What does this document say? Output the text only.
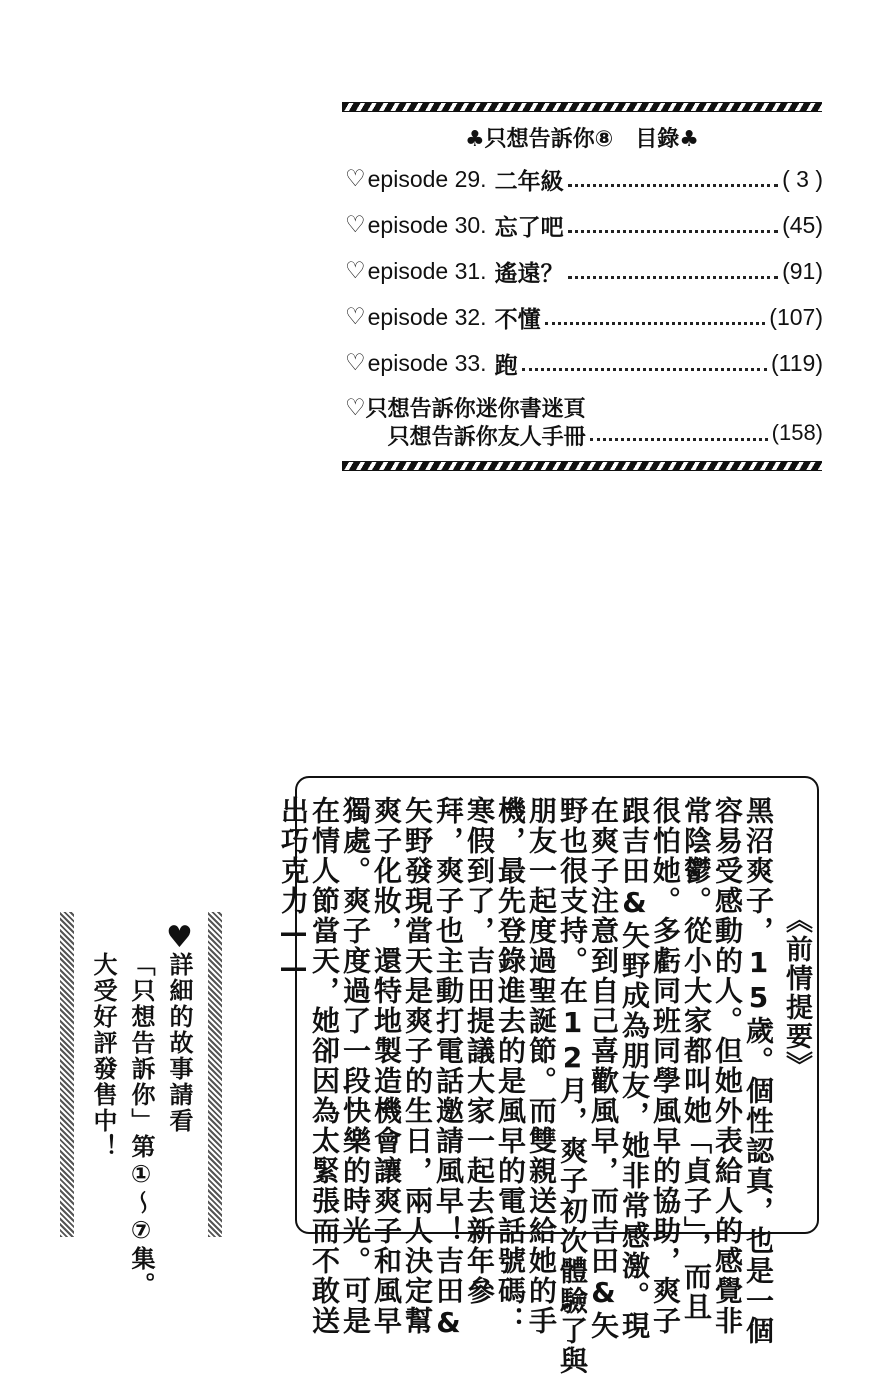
♣只想告訴你⑧　目錄♣
♡ episode 29. 二年級	( 3 )
♡ episode 30. 忘了吧	(45)
♡ episode 31. 遙遠？	(91)
♡ episode 32. 不懂	(107)
♡ episode 33. 跑	(119)
♡ 只想告訴你迷你書迷頁
只想告訴你友人手冊	(158)
《前情提要》
黑沼爽子，15歲。個性認真，也是一個
容易受感動的人。但她外表給人的感覺非
常陰鬱。從小大家都叫她「貞子」，而且
很怕她。多虧同班同學風早的協助，爽子
跟吉田&矢野成為朋友，她非常感激。現
在爽子注意到自己喜歡風早，而吉田&矢
野也很支持。在12月，爽子初次體驗了與
朋友一起度過聖誕節。而雙親送給她的手
機，最先登錄進去的是風早的電話號碼：
寒假到了，吉田提議大家一起去新年參
拜，爽子也主動打電話邀請風早！吉田&
矢野發現當天是爽子的生日，兩人決定幫
爽子化妝，還特地製造機會讓爽子和風早
獨處。爽子度過了一段快樂的時光。可是
在情人節當天，她卻因為太緊張而不敢送
出巧克力——
♥
詳細的故事請看
「只想告訴你」第①～⑦集。
大受好評發售中！
